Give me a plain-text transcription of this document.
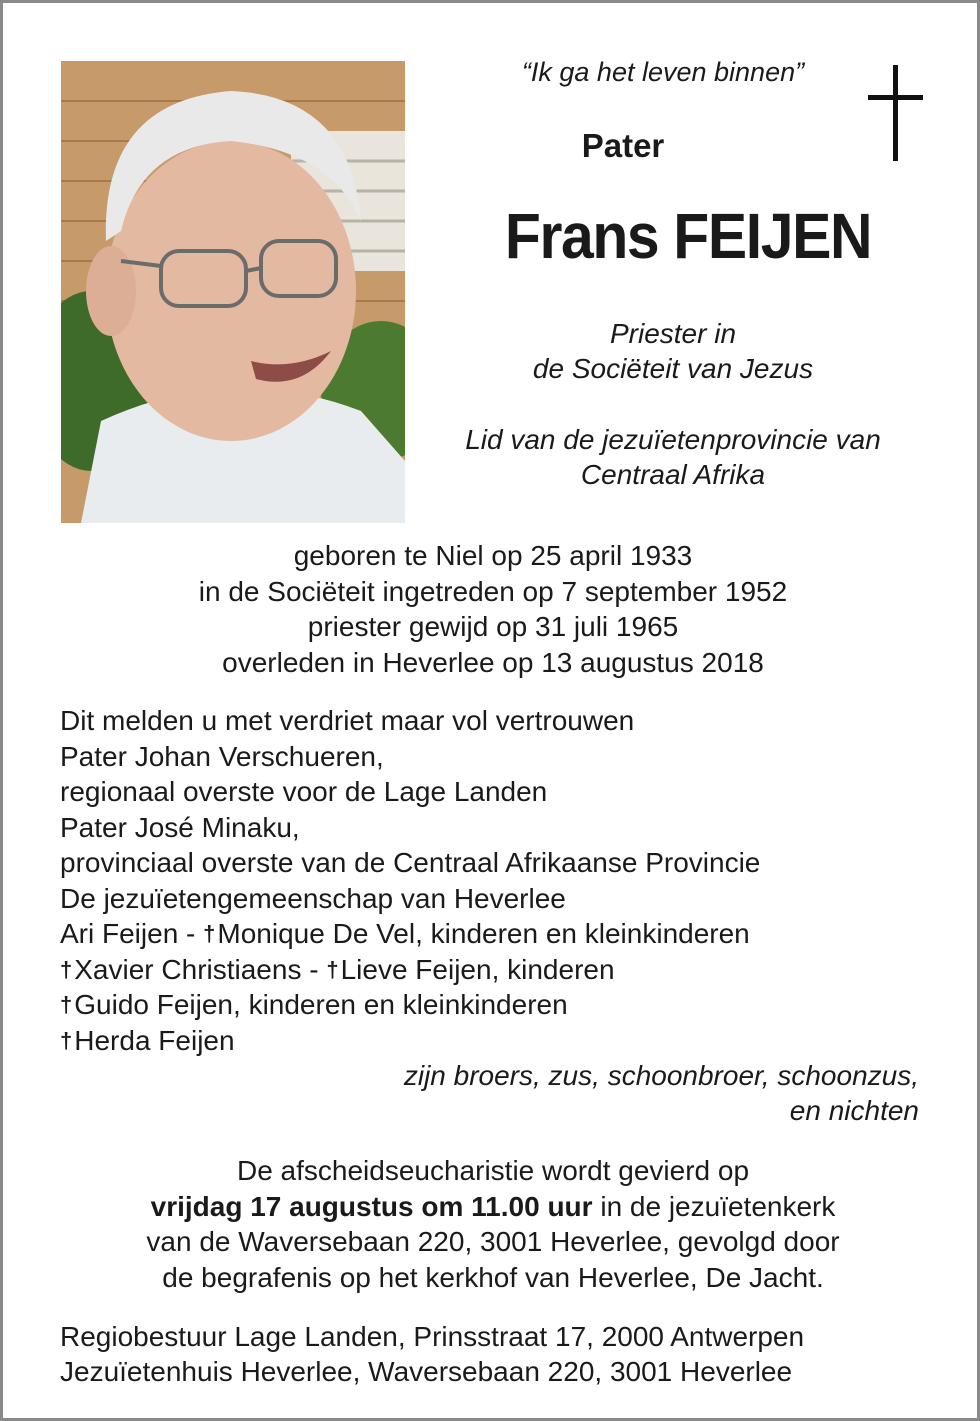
“Ik ga het leven binnen”
Pater
Frans FEIJEN
Priester in
de Sociëteit van Jezus
Lid van de jezuïetenprovincie van
Centraal Afrika
geboren te Niel op 25 april 1933
in de Sociëteit ingetreden op 7 september 1952
priester gewijd op 31 juli 1965
overleden in Heverlee op 13 augustus 2018
Dit melden u met verdriet maar vol vertrouwen
Pater Johan Verschueren,
regionaal overste voor de Lage Landen
Pater José Minaku,
provinciaal overste van de Centraal Afrikaanse Provincie
De jezuïetengemeenschap van Heverlee
Ari Feijen - †Monique De Vel, kinderen en kleinkinderen
†Xavier Christiaens - †Lieve Feijen, kinderen
†Guido Feijen, kinderen en kleinkinderen
†Herda Feijen
zijn broers, zus, schoonbroer, schoonzus,
en nichten
De afscheidseucharistie wordt gevierd op
vrijdag 17 augustus om 11.00 uur in de jezuïetenkerk
van de Waversebaan 220, 3001 Heverlee, gevolgd door
de begrafenis op het kerkhof van Heverlee, De Jacht.
Regiobestuur Lage Landen, Prinsstraat 17, 2000 Antwerpen
Jezuïetenhuis Heverlee, Waversebaan 220, 3001 Heverlee
